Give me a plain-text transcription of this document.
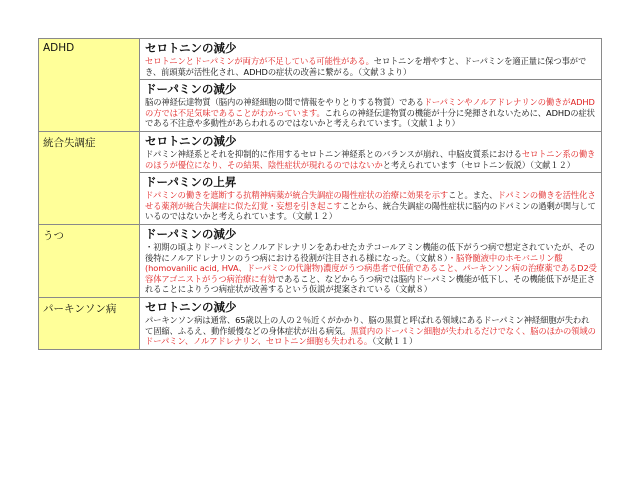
ADHD	セロトニンの減少
セロトニンとドーパミンが両方が不足している可能性がある。セロトニンを増やすと、ドーパミンを適正量に保つ事ができ、前頭葉が活性化され、ADHDの症状の改善に繋がる。（文献３より）
ドーパミンの減少
脳の神経伝達物質（脳内の神経細胞の間で情報をやりとりする物質）であるドーパミンやノルアドレナリンの働きがADHDの方では不足気味であることがわかっています。これらの神経伝達物質の機能が十分に発揮されないために、ADHDの症状である不注意や多動性があらわれるのではないかと考えられています。（文献１より）

統合失調症	セロトニンの減少
ドパミン神経系とそれを抑制的に作用するセロトニン神経系とのバランスが崩れ、中脳皮質系におけるセロトニン系の働きのほうが優位になり、その結果、陰性症状が現れるのではないかと考えられています（セロトニン仮説）（文献１２）
ドーパミンの上昇
ドパミンの働きを遮断する抗精神病薬が統合失調症の陽性症状の治療に効果を示すこと。また、ドパミンの働きを活性化させる薬剤が統合失調症に似た幻覚・妄想を引き起こすことから、統合失調症の陽性症状に脳内のドパミンの過剰が関与しているのではないかと考えられています。（文献１２）

うつ	ドーパミンの減少
・初期の頃よりドーパミンとノルアドレナリンをあわせたカテコールアミン機能の低下がうつ病で想定されていたが、その後特にノルアドレナリンのうつ病における役割が注目される様になった。（文献８）・脳脊髄液中のホモバニリン酸 (homovanilic acid, HVA、ドーパミンの代謝物)濃度がうつ病患者で低値であること、パーキンソン病の治療薬であるD2受容体アゴニストがうつ病治療に有効であること、などからうつ病では脳内ドーパミン機能が低下し、その機能低下が是正されることによりうつ病症状が改善するという仮説が提案されている（文献８）

パーキンソン病	セロトニンの減少
パーキンソン病は通常、65歳以上の人の２％近くがかかり、脳の黒質と呼ばれる領域にあるドーパミン神経細胞が失われて固縮、ふるえ、動作緩慢などの身体症状が出る病気。黒質内のドーパミン細胞が失われるだけでなく、脳のほかの領域のドーパミン、ノルアドレナリン、セロトニン細胞も失われる。（文献１１）
